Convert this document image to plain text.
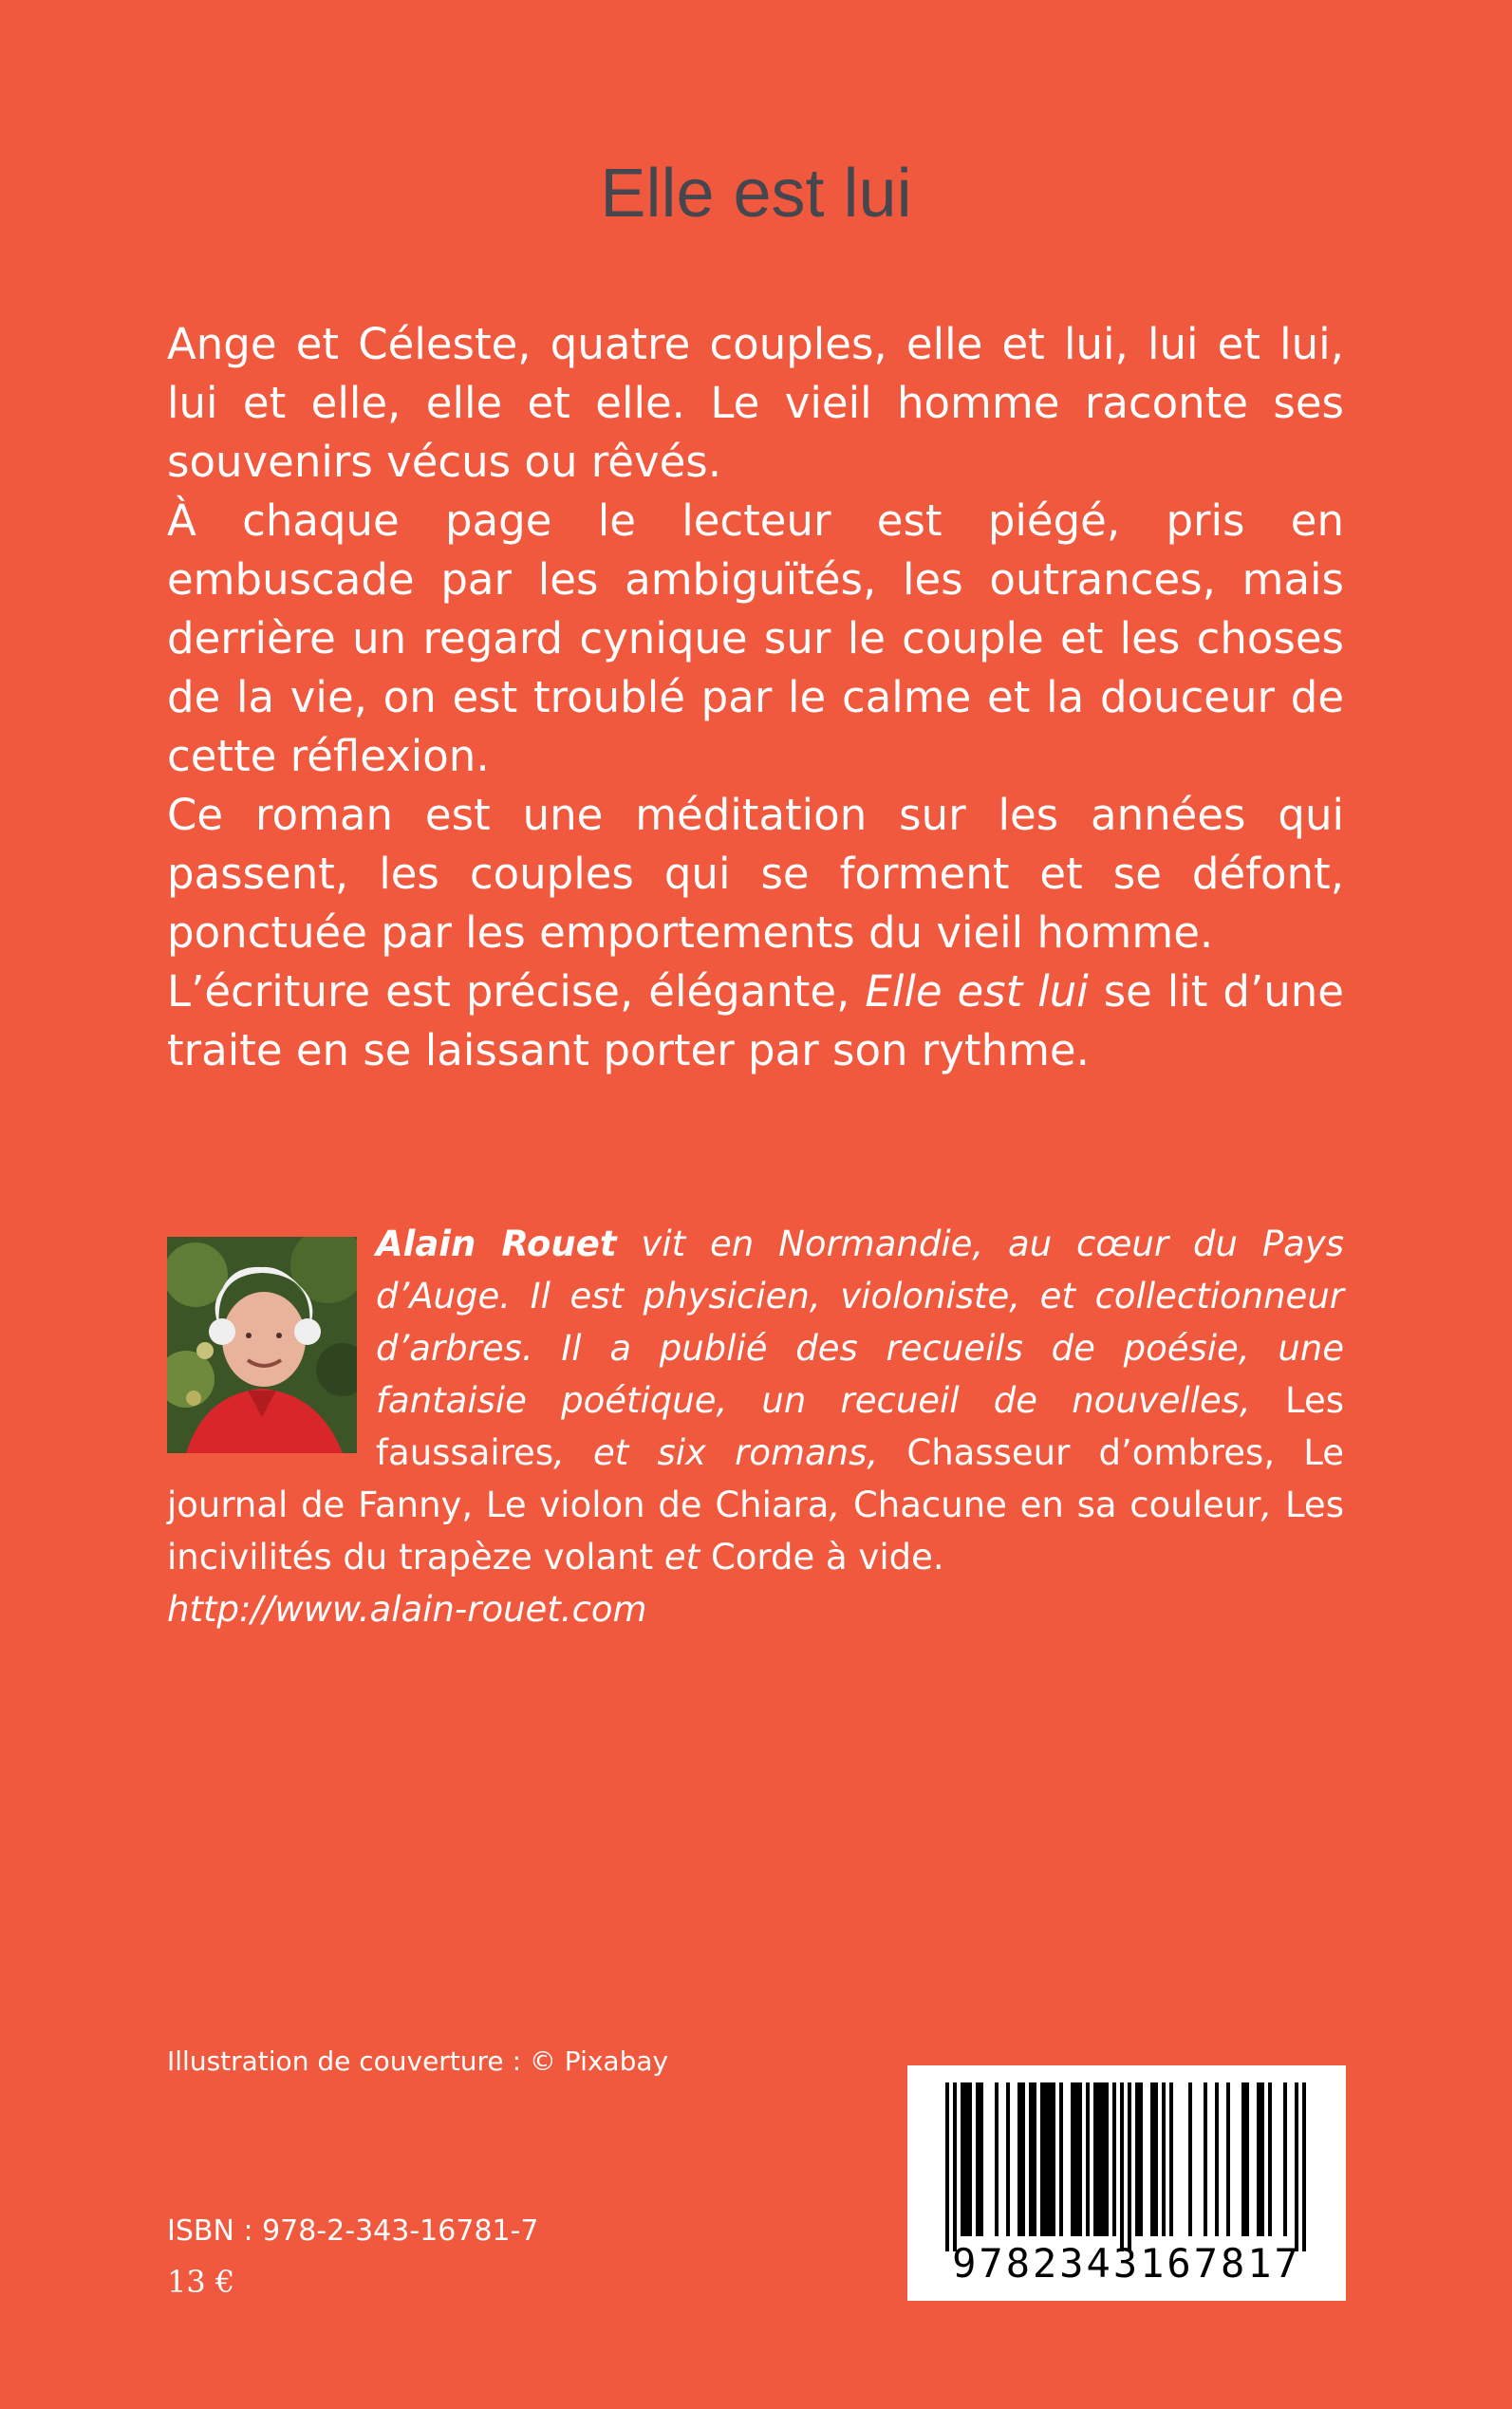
Elle est lui

Ange et Céleste, quatre couples, elle et lui, lui et lui, lui et elle, elle et elle. Le vieil homme raconte ses souvenirs vécus ou rêvés.

À chaque page le lecteur est piégé, pris en embuscade par les ambiguïtés, les outrances, mais derrière un regard cynique sur le couple et les choses de la vie, on est troublé par le calme et la douceur de cette réflexion.

Ce roman est une méditation sur les années qui passent, les couples qui se forment et se défont, ponctuée par les emportements du vieil homme.

L’écriture est précise, élégante, Elle est lui se lit d’une traite en se laissant porter par son rythme.

Alain Rouet vit en Normandie, au cœur du Pays d’Auge. Il est physicien, violoniste, et collectionneur d’arbres. Il a publié des recueils de poésie, une fantaisie poétique, un recueil de nouvelles, Les faussaires, et six romans, Chasseur d’ombres, Le journal de Fanny, Le violon de Chiara, Chacune en sa couleur, Les incivilités du trapèze volant et Corde à vide.
http://www.alain-rouet.com

Illustration de couverture : © Pixabay
ISBN : 978-2-343-16781-7
13 €	9782343167817
